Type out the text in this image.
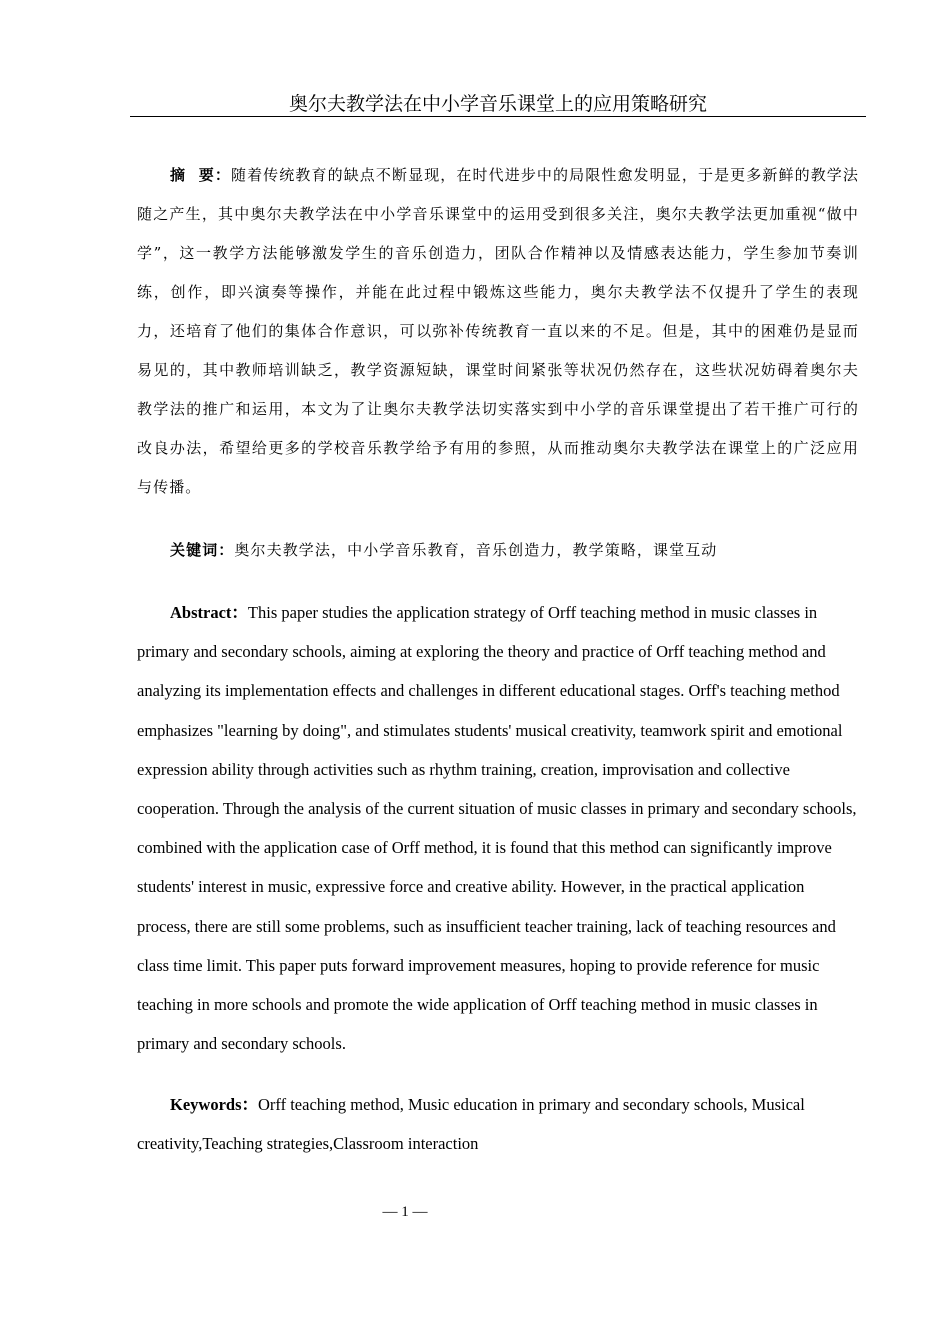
奥尔夫教学法在中小学音乐课堂上的应用策略研究
摘  要：随着传统教育的缺点不断显现，在时代进步中的局限性愈发明显，于是更多新鲜的教学法随之产生，其中奥尔夫教学法在中小学音乐课堂中的运用受到很多关注，奥尔夫教学法更加重视“做中学”，这一教学方法能够激发学生的音乐创造力，团队合作精神以及情感表达能力，学生参加节奏训练，创作，即兴演奏等操作，并能在此过程中锻炼这些能力，奥尔夫教学法不仅提升了学生的表现力，还培育了他们的集体合作意识，可以弥补传统教育一直以来的不足。但是，其中的困难仍是显而易见的，其中教师培训缺乏，教学资源短缺，课堂时间紧张等状况仍然存在，这些状况妨碍着奥尔夫教学法的推广和运用，本文为了让奥尔夫教学法切实落实到中小学的音乐课堂提出了若干推广可行的改良办法，希望给更多的学校音乐教学给予有用的参照，从而推动奥尔夫教学法在课堂上的广泛应用与传播。
关键词：奥尔夫教学法，中小学音乐教育，音乐创造力，教学策略，课堂互动
Abstract：This paper studies the application strategy of Orff teaching method in music classes in primary and secondary schools, aiming at exploring the theory and practice of Orff teaching method and analyzing its implementation effects and challenges in different educational stages. Orff's teaching method emphasizes "learning by doing", and stimulates students' musical creativity, teamwork spirit and emotional expression ability through activities such as rhythm training, creation, improvisation and collective cooperation. Through the analysis of the current situation of music classes in primary and secondary schools, combined with the application case of Orff method, it is found that this method can significantly improve students' interest in music, expressive force and creative ability. However, in the practical application process, there are still some problems, such as insufficient teacher training, lack of teaching resources and class time limit. This paper puts forward improvement measures, hoping to provide reference for music teaching in more schools and promote the wide application of Orff teaching method in music classes in primary and secondary schools.
Keywords：Orff teaching method, Music education in primary and secondary schools, Musical creativity,Teaching strategies,Classroom interaction
— 1 —
